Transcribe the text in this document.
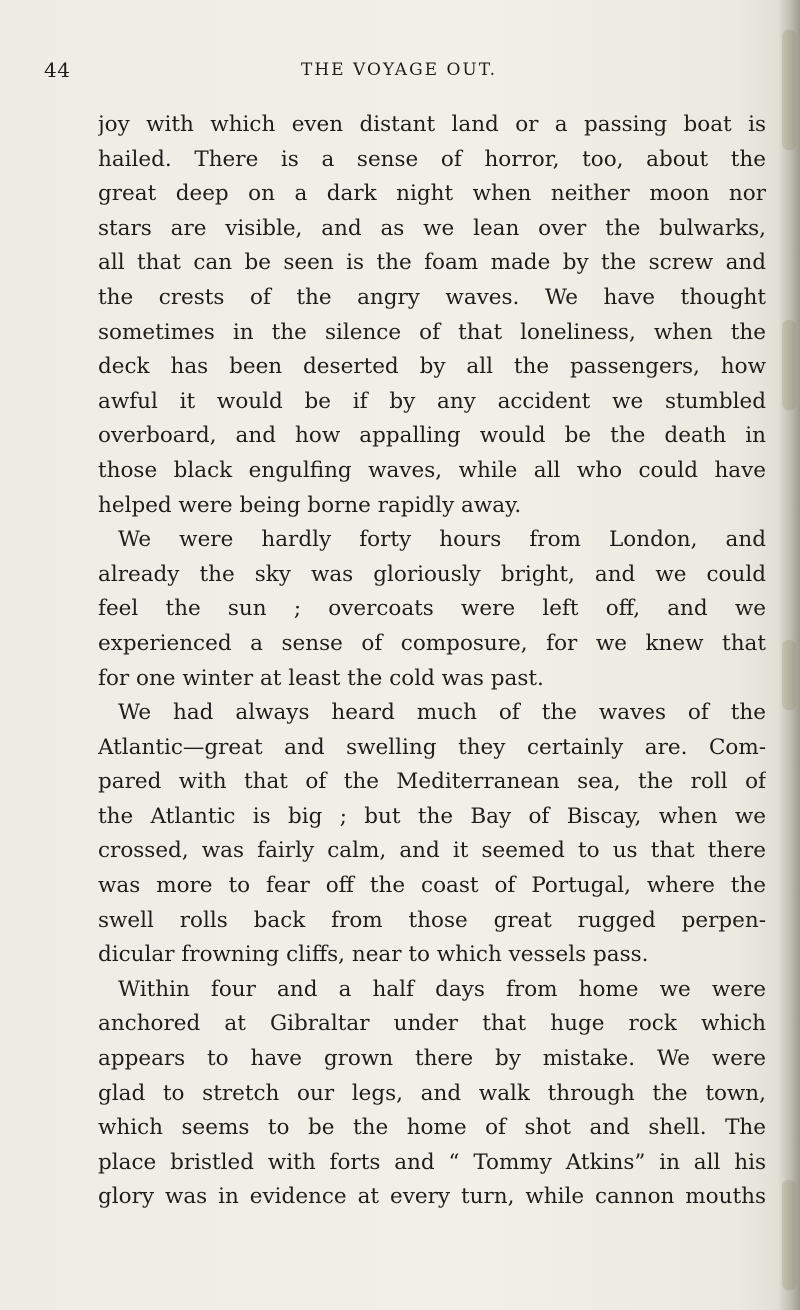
44	THE VOYAGE OUT.
joy with which even distant land or a passing boat is
hailed. There is a sense of horror, too, about the
great deep on a dark night when neither moon nor
stars are visible, and as we lean over the bulwarks,
all that can be seen is the foam made by the screw and
the crests of the angry waves. We have thought
sometimes in the silence of that loneliness, when the
deck has been deserted by all the passengers, how
awful it would be if by any accident we stumbled
overboard, and how appalling would be the death in
those black engulfing waves, while all who could have
helped were being borne rapidly away.
We were hardly forty hours from London, and
already the sky was gloriously bright, and we could
feel the sun ; overcoats were left off, and we
experienced a sense of composure, for we knew that
for one winter at least the cold was past.
We had always heard much of the waves of the
Atlantic—great and swelling they certainly are. Com-
pared with that of the Mediterranean sea, the roll of
the Atlantic is big ; but the Bay of Biscay, when we
crossed, was fairly calm, and it seemed to us that there
was more to fear off the coast of Portugal, where the
swell rolls back from those great rugged perpen-
dicular frowning cliffs, near to which vessels pass.
Within four and a half days from home we were
anchored at Gibraltar under that huge rock which
appears to have grown there by mistake. We were
glad to stretch our legs, and walk through the town,
which seems to be the home of shot and shell. The
place bristled with forts and “ Tommy Atkins” in all his
glory was in evidence at every turn, while cannon mouths
